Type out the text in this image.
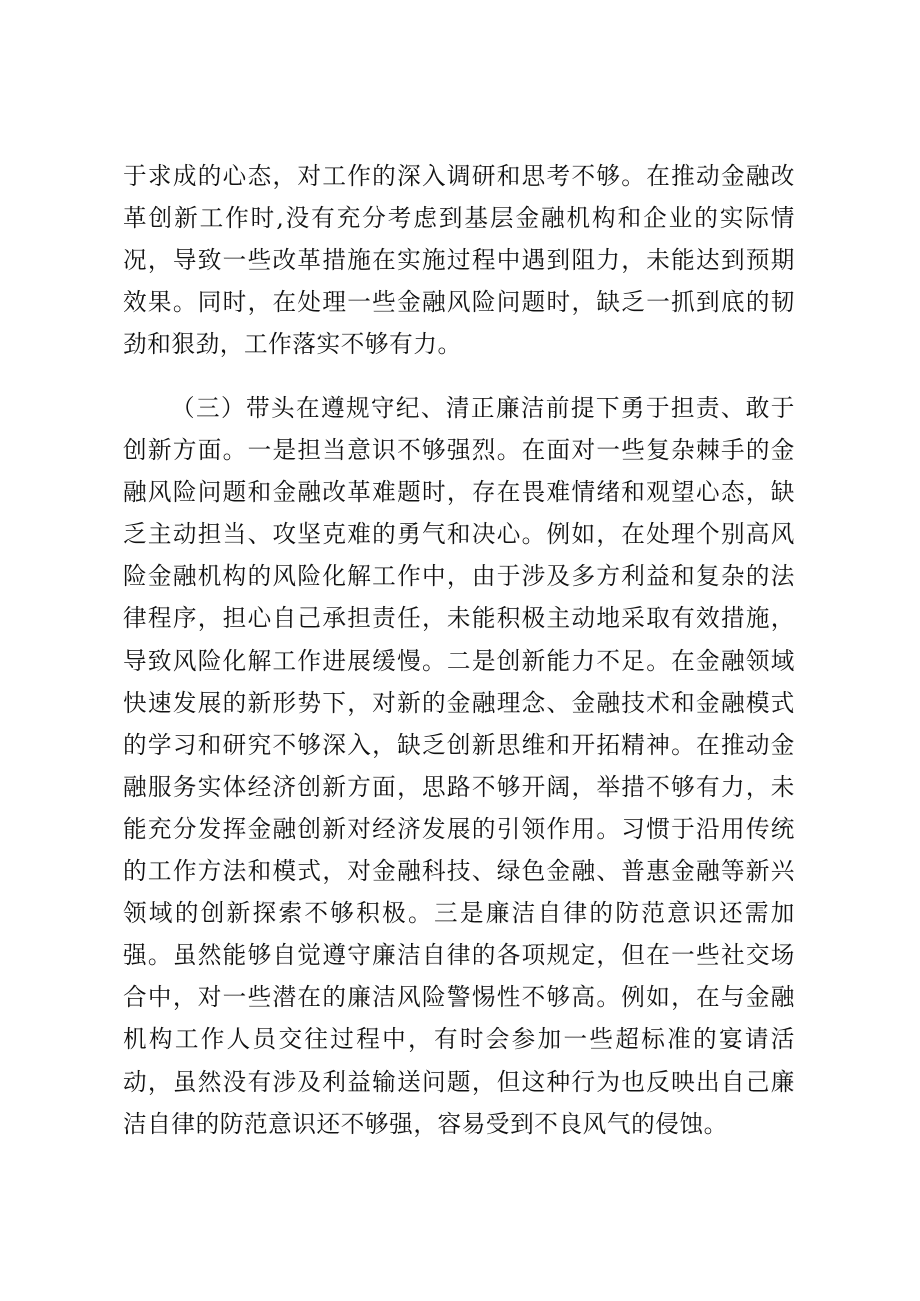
于求成的心态，对工作的深入调研和思考不够。在推动金融改革创新工作时,没有充分考虑到基层金融机构和企业的实际情况，导致一些改革措施在实施过程中遇到阻力，未能达到预期效果。同时，在处理一些金融风险问题时，缺乏一抓到底的韧劲和狠劲，工作落实不够有力。

（三）带头在遵规守纪、清正廉洁前提下勇于担责、敢于创新方面。一是担当意识不够强烈。在面对一些复杂棘手的金融风险问题和金融改革难题时，存在畏难情绪和观望心态，缺乏主动担当、攻坚克难的勇气和决心。例如，在处理个别高风险金融机构的风险化解工作中，由于涉及多方利益和复杂的法律程序，担心自己承担责任，未能积极主动地采取有效措施，导致风险化解工作进展缓慢。二是创新能力不足。在金融领域快速发展的新形势下，对新的金融理念、金融技术和金融模式的学习和研究不够深入，缺乏创新思维和开拓精神。在推动金融服务实体经济创新方面，思路不够开阔，举措不够有力，未能充分发挥金融创新对经济发展的引领作用。习惯于沿用传统的工作方法和模式，对金融科技、绿色金融、普惠金融等新兴领域的创新探索不够积极。三是廉洁自律的防范意识还需加强。虽然能够自觉遵守廉洁自律的各项规定，但在一些社交场合中，对一些潜在的廉洁风险警惕性不够高。例如，在与金融机构工作人员交往过程中，有时会参加一些超标准的宴请活动，虽然没有涉及利益输送问题，但这种行为也反映出自己廉洁自律的防范意识还不够强，容易受到不良风气的侵蚀。
